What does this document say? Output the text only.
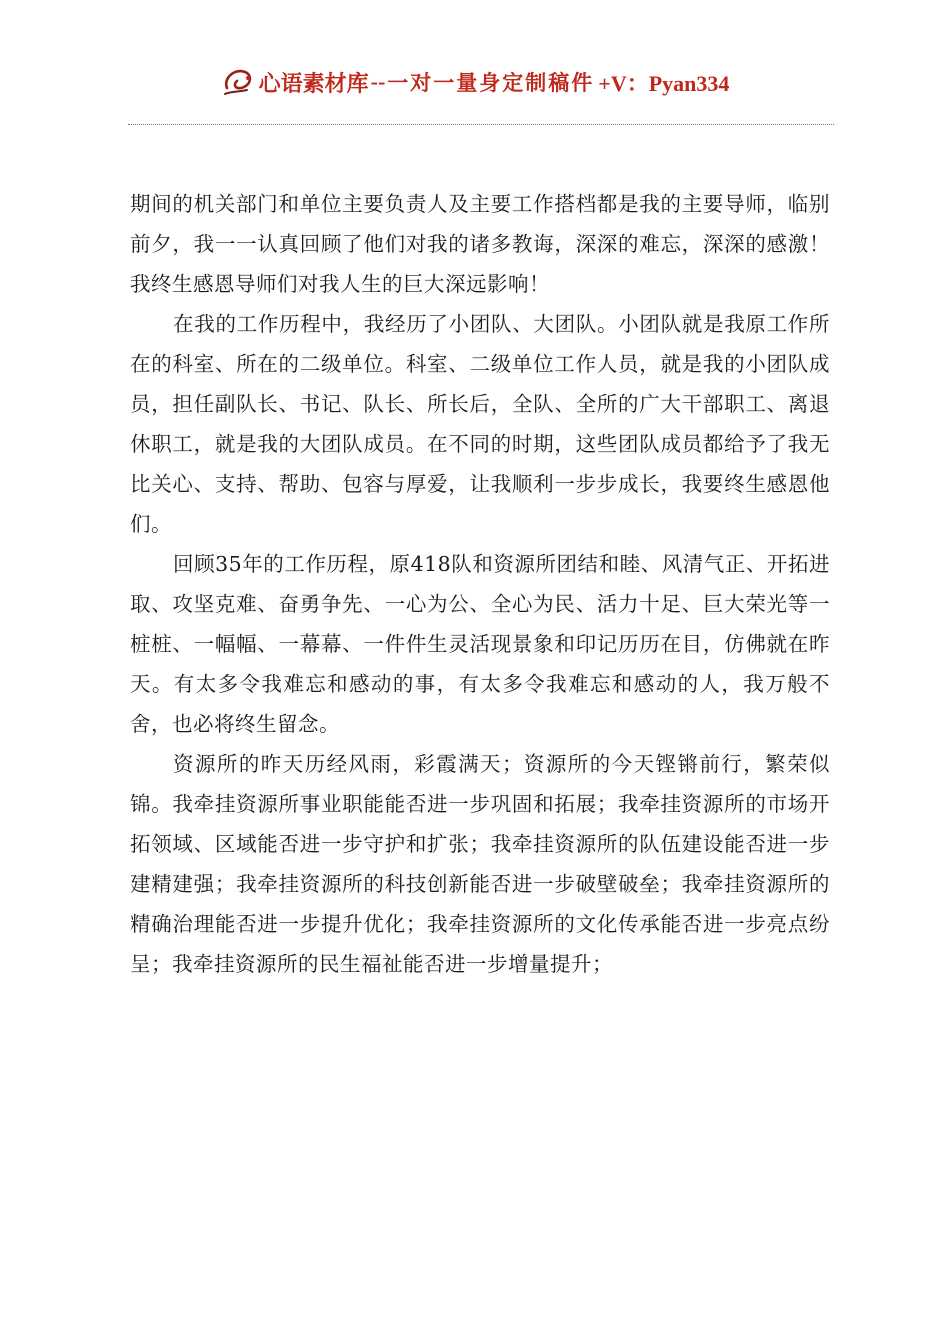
心语素材库 -- 一对一量身定制稿件 +V：Pyan334

期间的机关部门和单位主要负责人及主要工作搭档都是我的主要导师，临别前夕，我一一认真回顾了他们对我的诸多教诲，深深的难忘，深深的感激！我终生感恩导师们对我人生的巨大深远影响！

在我的工作历程中，我经历了小团队、大团队。小团队就是我原工作所在的科室、所在的二级单位。科室、二级单位工作人员，就是我的小团队成员，担任副队长、书记、队长、所长后，全队、全所的广大干部职工、离退休职工，就是我的大团队成员。在不同的时期，这些团队成员都给予了我无比关心、支持、帮助、包容与厚爱，让我顺利一步步成长，我要终生感恩他们。

回顾35年的工作历程，原418队和资源所团结和睦、风清气正、开拓进取、攻坚克难、奋勇争先、一心为公、全心为民、活力十足、巨大荣光等一桩桩、一幅幅、一幕幕、一件件生灵活现景象和印记历历在目，仿佛就在昨天。有太多令我难忘和感动的事，有太多令我难忘和感动的人，我万般不舍，也必将终生留念。

资源所的昨天历经风雨，彩霞满天；资源所的今天铿锵前行，繁荣似锦。我牵挂资源所事业职能能否进一步巩固和拓展；我牵挂资源所的市场开拓领域、区域能否进一步守护和扩张；我牵挂资源所的队伍建设能否进一步建精建强；我牵挂资源所的科技创新能否进一步破壁破垒；我牵挂资源所的精确治理能否进一步提升优化；我牵挂资源所的文化传承能否进一步亮点纷呈；我牵挂资源所的民生福祉能否进一步增量提升；
